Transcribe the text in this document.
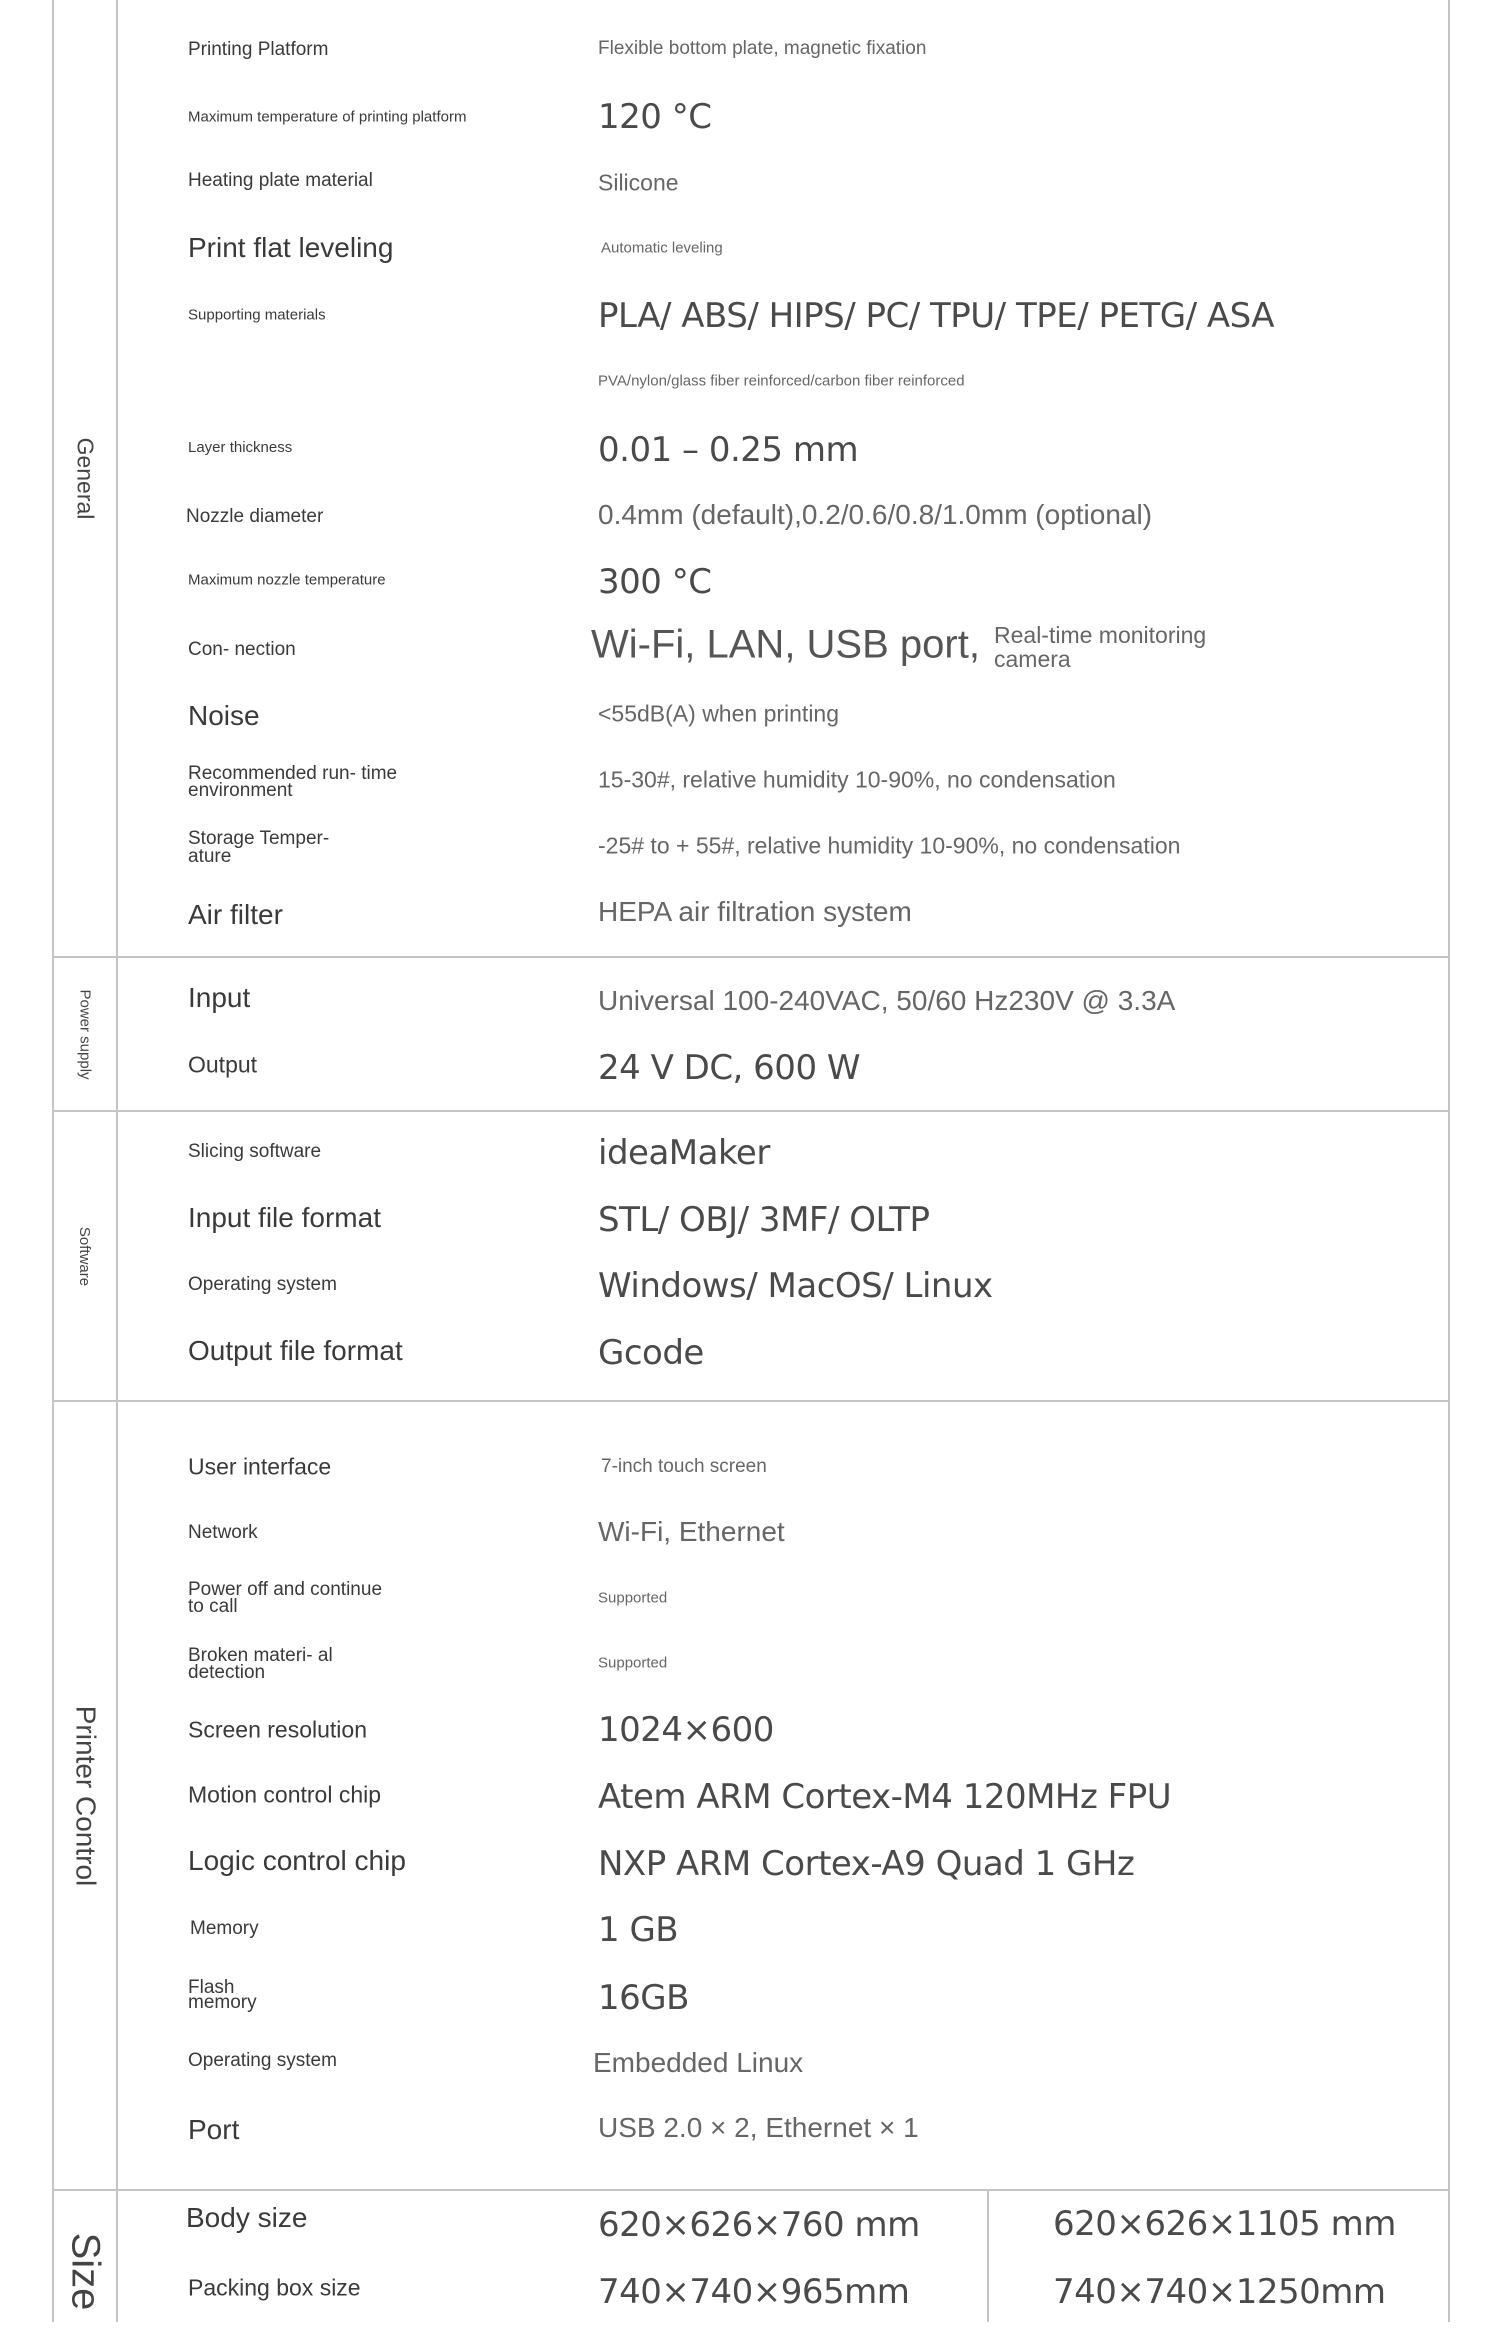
General
Power supply
Software
Printer Control
Size
Printing Platform	Flexible bottom plate, magnetic fixation
Maximum temperature of printing platform	120 °C
Heating plate material	Silicone
Print flat leveling	Automatic leveling
Supporting materials	PLA/ ABS/ HIPS/ PC/ TPU/ TPE/ PETG/ ASA
PVA/nylon/glass fiber reinforced/carbon fiber reinforced
Layer thickness	0.01 – 0.25 mm
Nozzle diameter	0.4mm (default),0.2/0.6/0.8/1.0mm (optional)
Maximum nozzle temperature	300 °C
Con- nection	Wi-Fi, LAN, USB port, Real-time monitoring camera
Noise	<55dB(A) when printing
Recommended run- time environment	15-30#, relative humidity 10-90%, no condensation
Storage Temper- ature	-25# to + 55#, relative humidity 10-90%, no condensation
Air filter	HEPA air filtration system
Input	Universal 100-240VAC, 50/60 Hz230V @ 3.3A
Output	24 V DC, 600 W
Slicing software	ideaMaker
Input file format	STL/ OBJ/ 3MF/ OLTP
Operating system	Windows/ MacOS/ Linux
Output file format	Gcode
User interface	7-inch touch screen
Network	Wi-Fi, Ethernet
Power off and continue to call	Supported
Broken materi- al detection	Supported
Screen resolution	1024×600
Motion control chip	Atem ARM Cortex-M4 120MHz FPU
Logic control chip	NXP ARM Cortex-A9 Quad 1 GHz
Memory	1 GB
Flash memory	16GB
Operating system	Embedded Linux
Port	USB 2.0 × 2, Ethernet × 1
Body size	620×626×760 mm	620×626×1105 mm
Packing box size	740×740×965mm	740×740×1250mm
